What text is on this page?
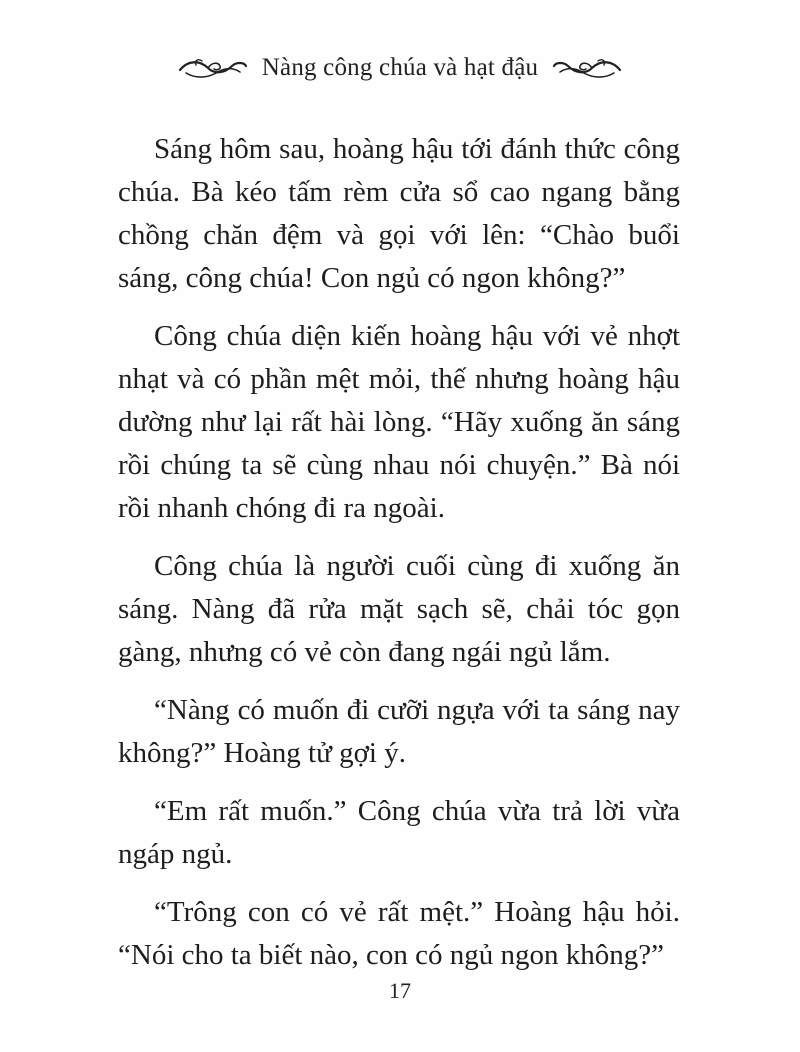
Nàng công chúa và hạt đậu

Sáng hôm sau, hoàng hậu tới đánh thức công chúa. Bà kéo tấm rèm cửa sổ cao ngang bằng chồng chăn đệm và gọi với lên: “Chào buổi sáng, công chúa! Con ngủ có ngon không?”

Công chúa diện kiến hoàng hậu với vẻ nhợt nhạt và có phần mệt mỏi, thế nhưng hoàng hậu dường như lại rất hài lòng. “Hãy xuống ăn sáng rồi chúng ta sẽ cùng nhau nói chuyện.” Bà nói rồi nhanh chóng đi ra ngoài.

Công chúa là người cuối cùng đi xuống ăn sáng. Nàng đã rửa mặt sạch sẽ, chải tóc gọn gàng, nhưng có vẻ còn đang ngái ngủ lắm.

“Nàng có muốn đi cưỡi ngựa với ta sáng nay không?” Hoàng tử gợi ý.

“Em rất muốn.” Công chúa vừa trả lời vừa ngáp ngủ.

“Trông con có vẻ rất mệt.” Hoàng hậu hỏi. “Nói cho ta biết nào, con có ngủ ngon không?”

17
